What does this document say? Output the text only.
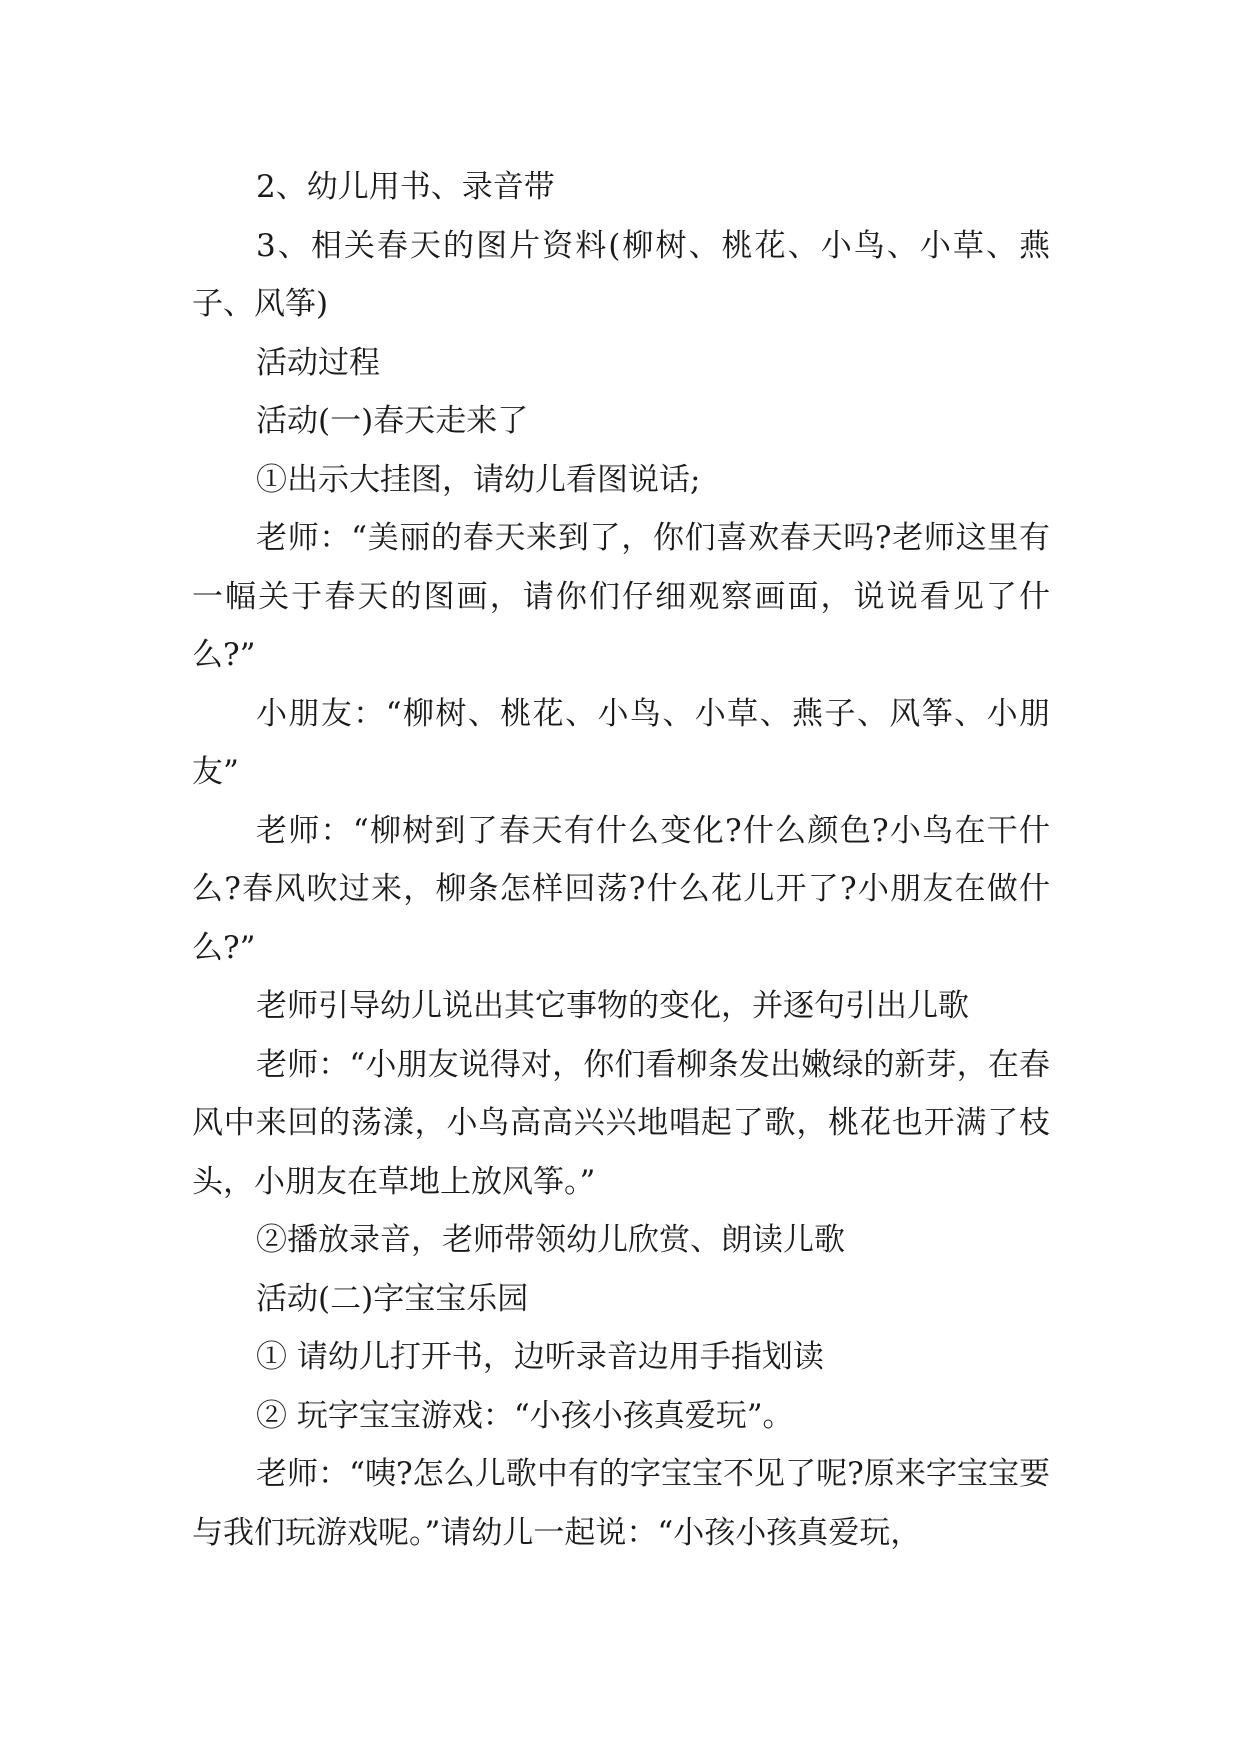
2、幼儿用书、录音带

3、相关春天的图片资料(柳树、桃花、小鸟、小草、燕子、风筝)

活动过程

活动(一)春天走来了

①出示大挂图，请幼儿看图说话;

老师：“美丽的春天来到了，你们喜欢春天吗?老师这里有一幅关于春天的图画，请你们仔细观察画面，说说看见了什么?”

小朋友：“柳树、桃花、小鸟、小草、燕子、风筝、小朋友”

老师：“柳树到了春天有什么变化?什么颜色?小鸟在干什么?春风吹过来，柳条怎样回荡?什么花儿开了?小朋友在做什么?”

老师引导幼儿说出其它事物的变化，并逐句引出儿歌

老师：“小朋友说得对，你们看柳条发出嫩绿的新芽，在春风中来回的荡漾，小鸟高高兴兴地唱起了歌，桃花也开满了枝头，小朋友在草地上放风筝。”

②播放录音，老师带领幼儿欣赏、朗读儿歌

活动(二)字宝宝乐园

① 请幼儿打开书，边听录音边用手指划读

② 玩字宝宝游戏：“小孩小孩真爱玩”。

老师：“咦?怎么儿歌中有的字宝宝不见了呢?原来字宝宝要与我们玩游戏呢。”请幼儿一起说：“小孩小孩真爱玩，
